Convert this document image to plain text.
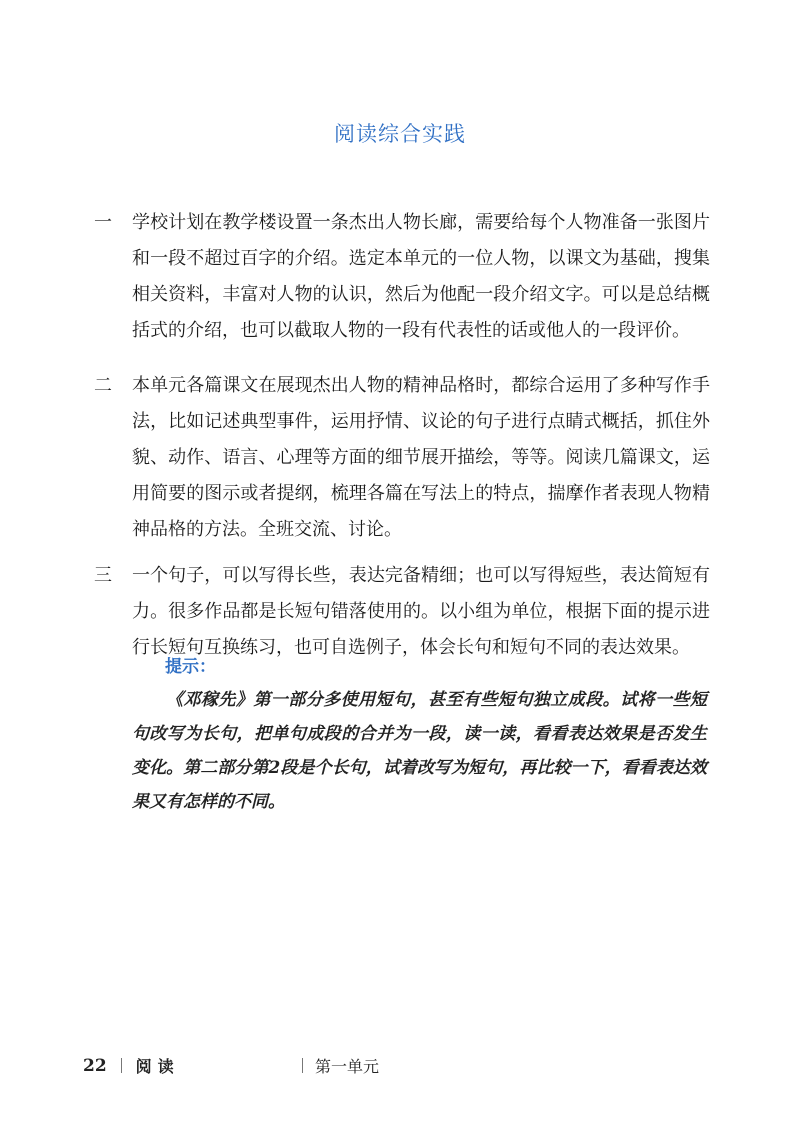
阅读综合实践
一 学校计划在教学楼设置一条杰出人物长廊，需要给每个人物准备一张图片和一段不超过百字的介绍。选定本单元的一位人物，以课文为基础，搜集相关资料，丰富对人物的认识，然后为他配一段介绍文字。可以是总结概括式的介绍，也可以截取人物的一段有代表性的话或他人的一段评价。
二 本单元各篇课文在展现杰出人物的精神品格时，都综合运用了多种写作手法，比如记述典型事件，运用抒情、议论的句子进行点睛式概括，抓住外貌、动作、语言、心理等方面的细节展开描绘，等等。阅读几篇课文，运用简要的图示或者提纲，梳理各篇在写法上的特点，揣摩作者表现人物精神品格的方法。全班交流、讨论。
三 一个句子，可以写得长些，表达完备精细；也可以写得短些，表达简短有力。很多作品都是长短句错落使用的。以小组为单位，根据下面的提示进行长短句互换练习，也可自选例子，体会长句和短句不同的表达效果。
提示：
《邓稼先》第一部分多使用短句，甚至有些短句独立成段。试将一些短句改写为长句，把单句成段的合并为一段，读一读，看看表达效果是否发生变化。第二部分第2段是个长句，试着改写为短句，再比较一下，看看表达效果又有怎样的不同。
22 阅读	第一单元
